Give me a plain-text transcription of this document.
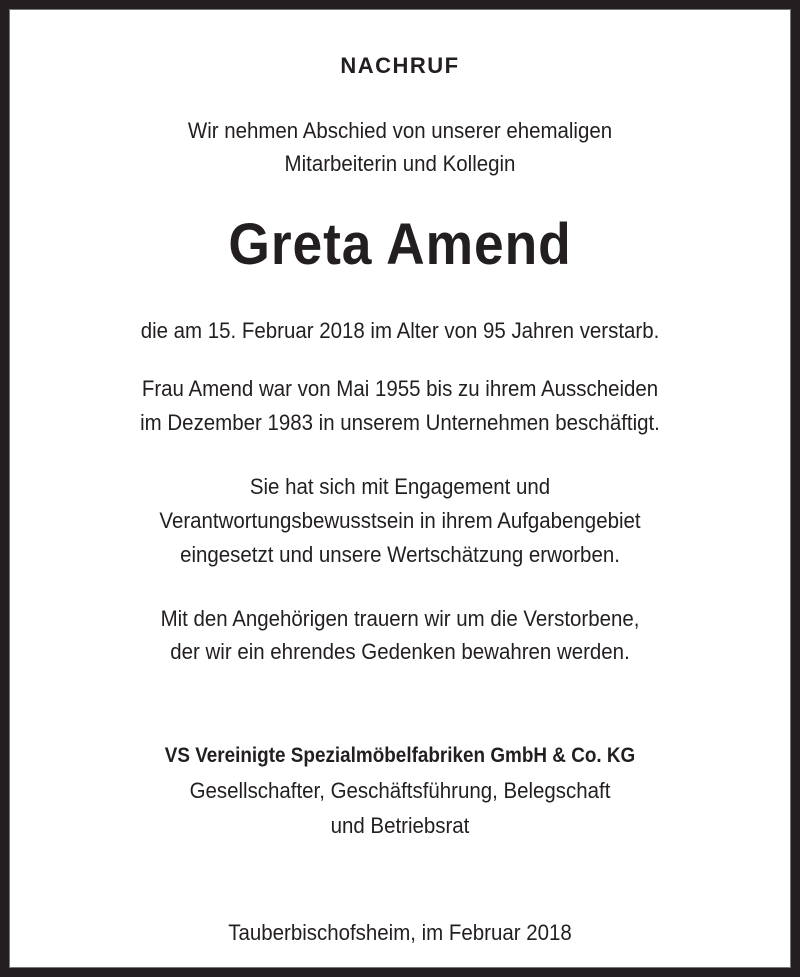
NACHRUF
Wir nehmen Abschied von unserer ehemaligen
Mitarbeiterin und Kollegin
Greta Amend
die am 15. Februar 2018 im Alter von 95 Jahren verstarb.
Frau Amend war von Mai 1955 bis zu ihrem Ausscheiden
im Dezember 1983 in unserem Unternehmen beschäftigt.
Sie hat sich mit Engagement und
Verantwortungsbewusstsein in ihrem Aufgabengebiet
eingesetzt und unsere Wertschätzung erworben.
Mit den Angehörigen trauern wir um die Verstorbene,
der wir ein ehrendes Gedenken bewahren werden.
VS Vereinigte Spezialmöbelfabriken GmbH & Co. KG
Gesellschafter, Geschäftsführung, Belegschaft
und Betriebsrat
Tauberbischofsheim, im Februar 2018
